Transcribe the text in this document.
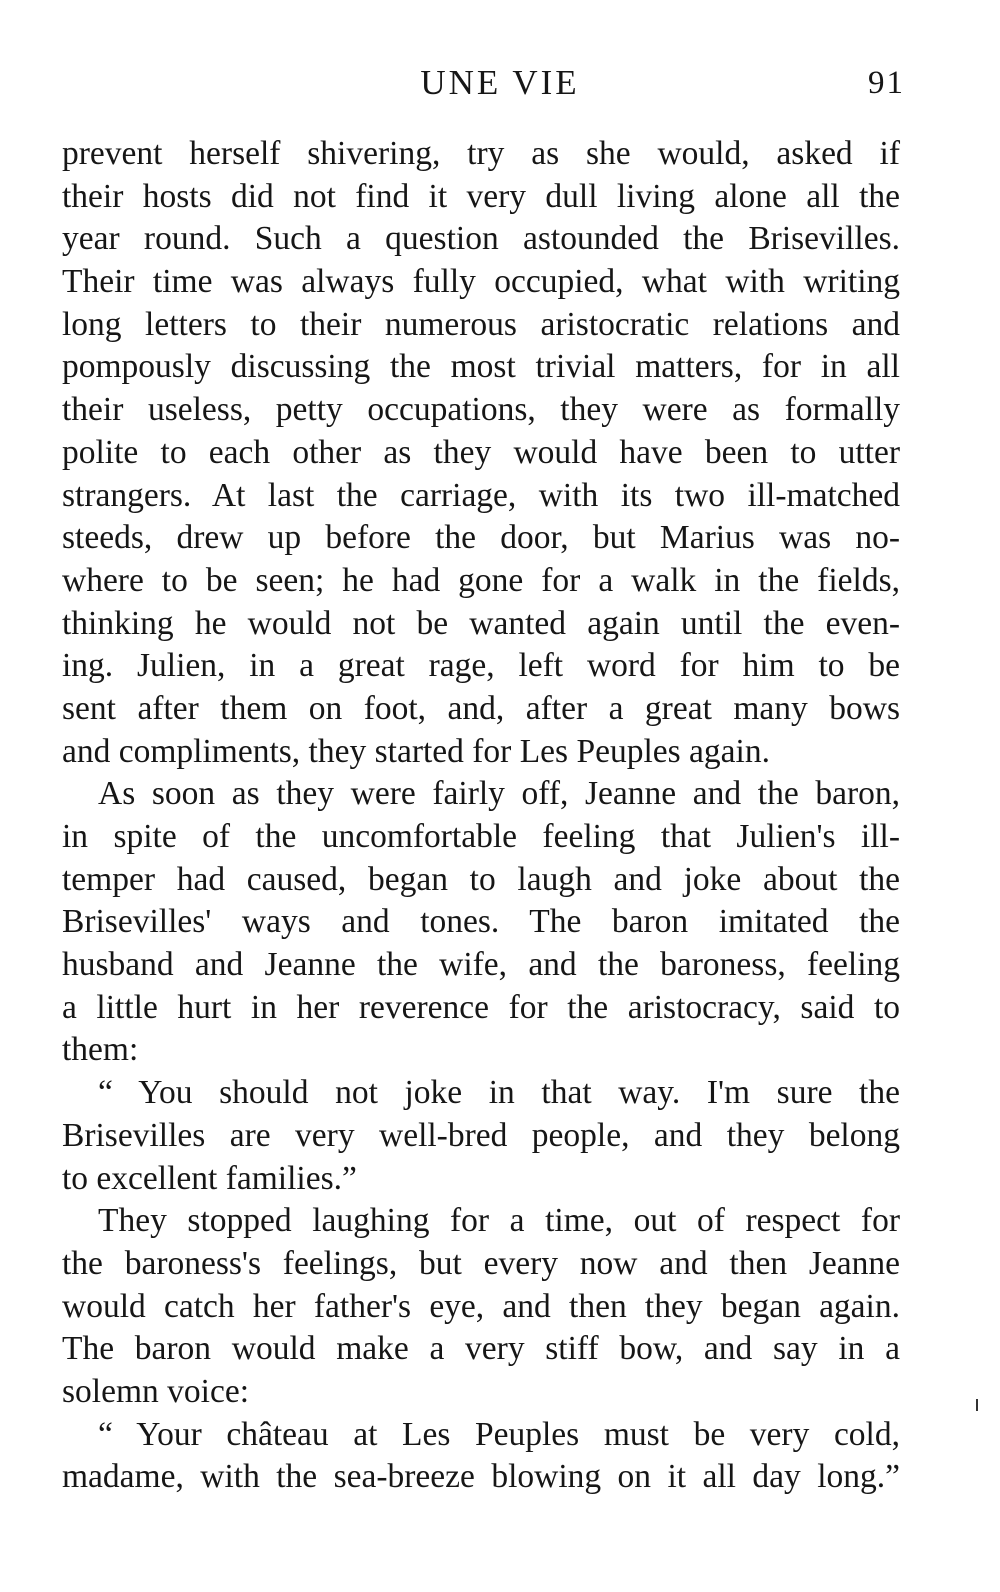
UNE VIE	91
prevent herself shivering, try as she would, asked if
their hosts did not find it very dull living alone all the
year round. Such a question astounded the Brisevilles.
Their time was always fully occupied, what with writing
long letters to their numerous aristocratic relations and
pompously discussing the most trivial matters, for in all
their useless, petty occupations, they were as formally
polite to each other as they would have been to utter
strangers. At last the carriage, with its two ill-matched
steeds, drew up before the door, but Marius was no-
where to be seen; he had gone for a walk in the fields,
thinking he would not be wanted again until the even-
ing. Julien, in a great rage, left word for him to be
sent after them on foot, and, after a great many bows
and compliments, they started for Les Peuples again.
As soon as they were fairly off, Jeanne and the baron,
in spite of the uncomfortable feeling that Julien's ill-
temper had caused, began to laugh and joke about the
Brisevilles' ways and tones. The baron imitated the
husband and Jeanne the wife, and the baroness, feeling
a little hurt in her reverence for the aristocracy, said to
them:
“ You should not joke in that way. I'm sure the
Brisevilles are very well-bred people, and they belong
to excellent families.”
They stopped laughing for a time, out of respect for
the baroness's feelings, but every now and then Jeanne
would catch her father's eye, and then they began again.
The baron would make a very stiff bow, and say in a
solemn voice:
“ Your château at Les Peuples must be very cold,
madame, with the sea-breeze blowing on it all day long.”
